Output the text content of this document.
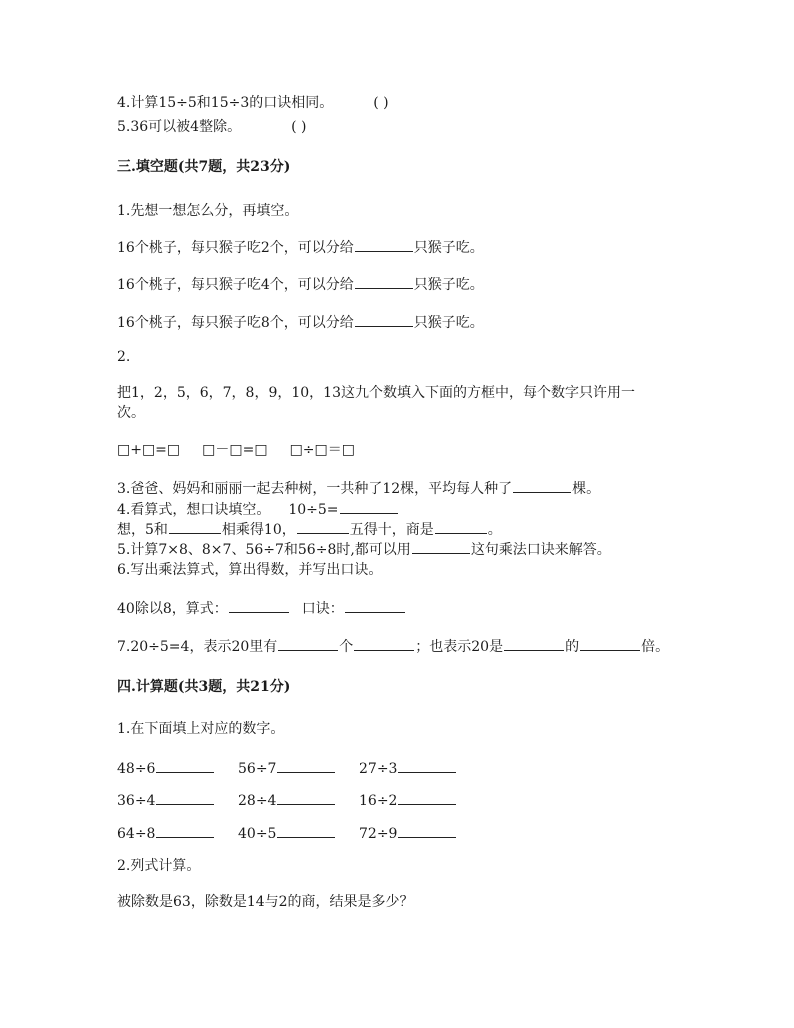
4.计算15÷5和15÷3的口诀相同。	( )
5.36可以被4整除。	( )
三.填空题(共7题，共23分)
1.先想一想怎么分，再填空。
16个桃子，每只猴子吃2个，可以分给	只猴子吃。
16个桃子，每只猴子吃4个，可以分给	只猴子吃。
16个桃子，每只猴子吃8个，可以分给	只猴子吃。
2.
把1，2，5，6，7，8，9，10，13这九个数填入下面的方框中，每个数字只许用一
次。
□+□=□ □－□=□ □÷□＝□
3.爸爸、妈妈和丽丽一起去种树，一共种了12棵，平均每人种了	棵。
4.看算式，想口诀填空。 10÷5=
想，5和	相乘得10，	五得十，商是	。
5.计算7×8、8×7、56÷7和56÷8时,都可以用	这句乘法口诀来解答。
6.写出乘法算式，算出得数，并写出口诀。
40除以8，算式：	口诀：
7.20÷5=4，表示20里有	个	；也表示20是	的	倍。
四.计算题(共3题，共21分)
1.在下面填上对应的数字。
48÷6	56÷7	27÷3
36÷4	28÷4	16÷2
64÷8	40÷5	72÷9
2.列式计算。
被除数是63，除数是14与2的商，结果是多少？
